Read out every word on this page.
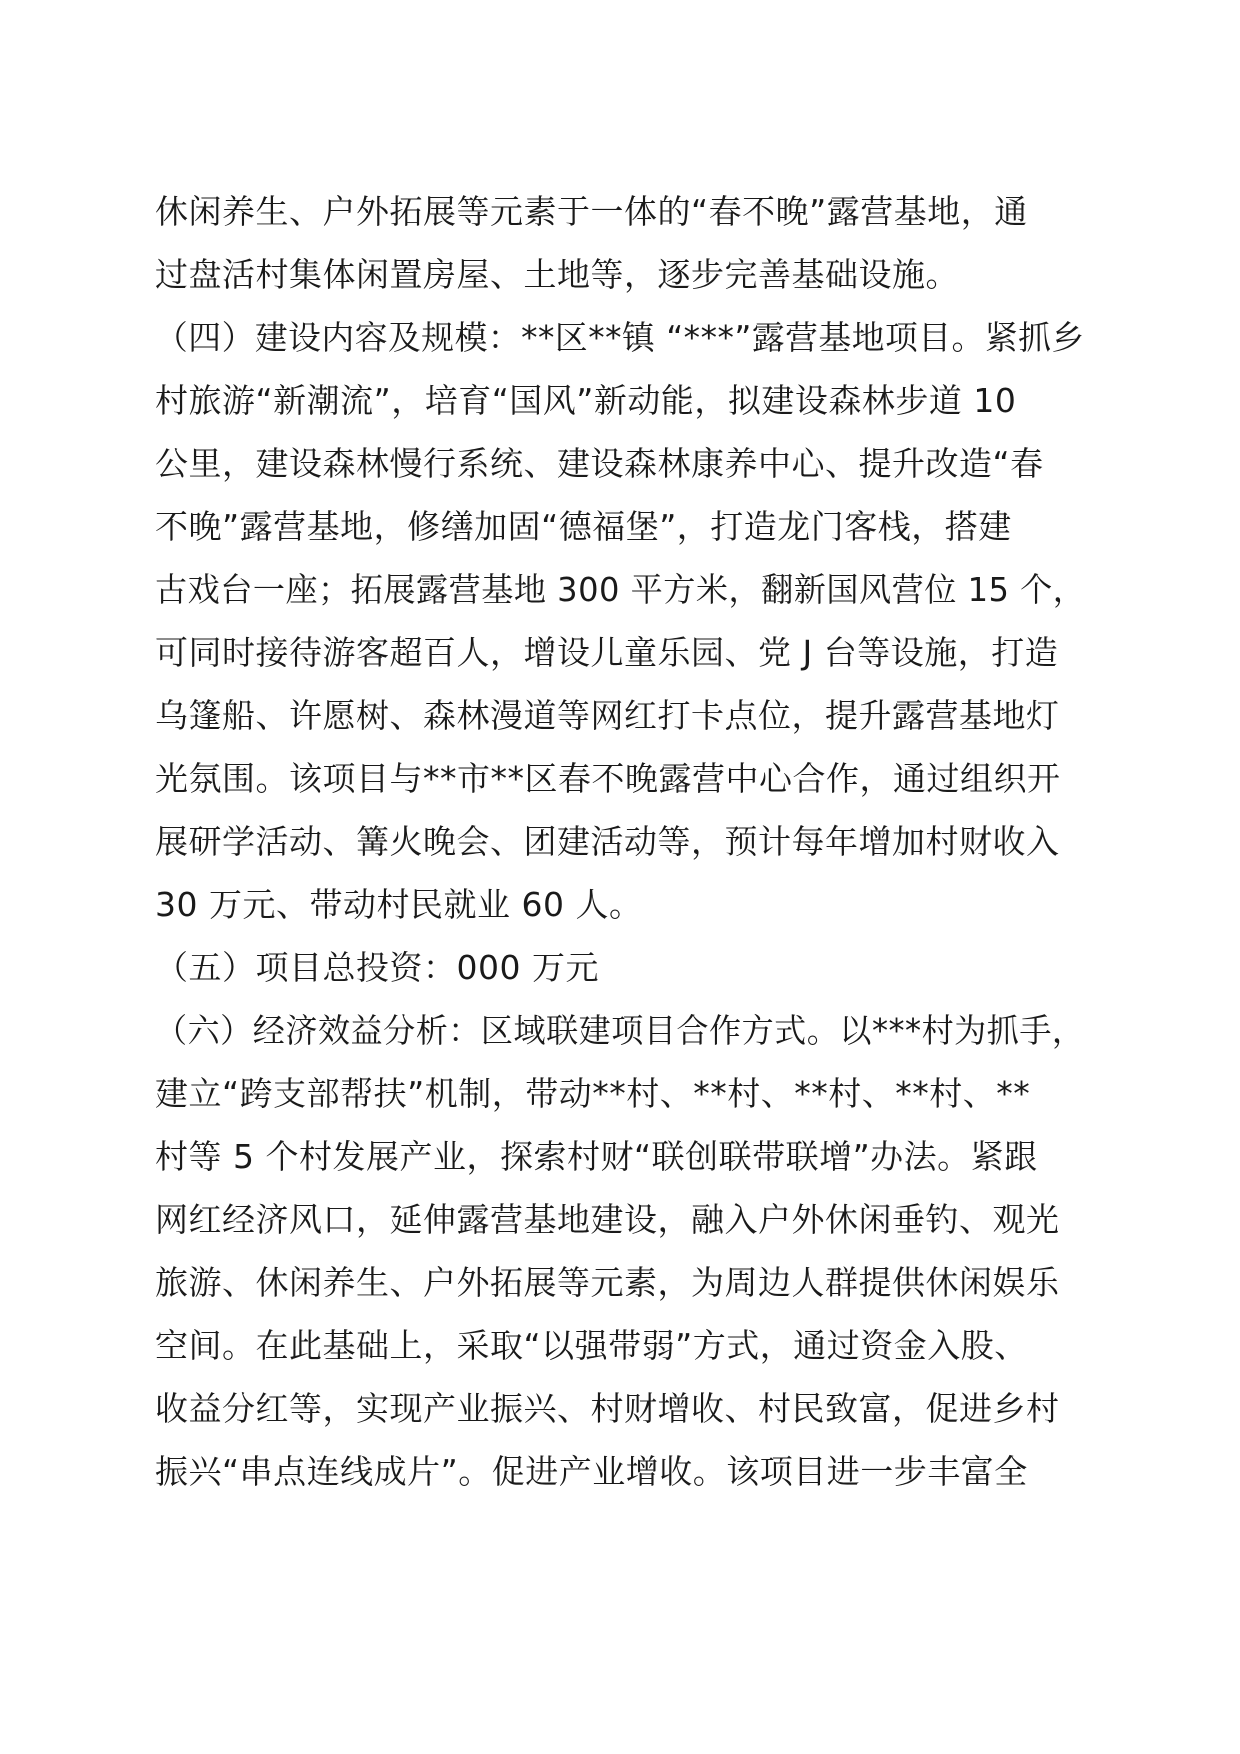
休闲养生、户外拓展等元素于一体的“春不晚”露营基地，通
过盘活村集体闲置房屋、土地等，逐步完善基础设施。
（四）建设内容及规模：**区**镇 “***”露营基地项目。紧抓乡
村旅游“新潮流”，培育“国风”新动能，拟建设森林步道 10
公里，建设森林慢行系统、建设森林康养中心、提升改造“春
不晚”露营基地，修缮加固“德福堡”，打造龙门客栈，搭建
古戏台一座；拓展露营基地 300 平方米，翻新国风营位 15 个，
可同时接待游客超百人，增设儿童乐园、党 J 台等设施，打造
乌篷船、许愿树、森林漫道等网红打卡点位，提升露营基地灯
光氛围。该项目与**市**区春不晚露营中心合作，通过组织开
展研学活动、篝火晚会、团建活动等，预计每年增加村财收入
30 万元、带动村民就业 60 人。
（五）项目总投资：000 万元
（六）经济效益分析：区域联建项目合作方式。以***村为抓手，
建立“跨支部帮扶”机制，带动**村、**村、**村、**村、**
村等 5 个村发展产业，探索村财“联创联带联增”办法。紧跟
网红经济风口，延伸露营基地建设，融入户外休闲垂钓、观光
旅游、休闲养生、户外拓展等元素，为周边人群提供休闲娱乐
空间。在此基础上，采取“以强带弱”方式，通过资金入股、
收益分红等，实现产业振兴、村财增收、村民致富，促进乡村
振兴“串点连线成片”。促进产业增收。该项目进一步丰富全
